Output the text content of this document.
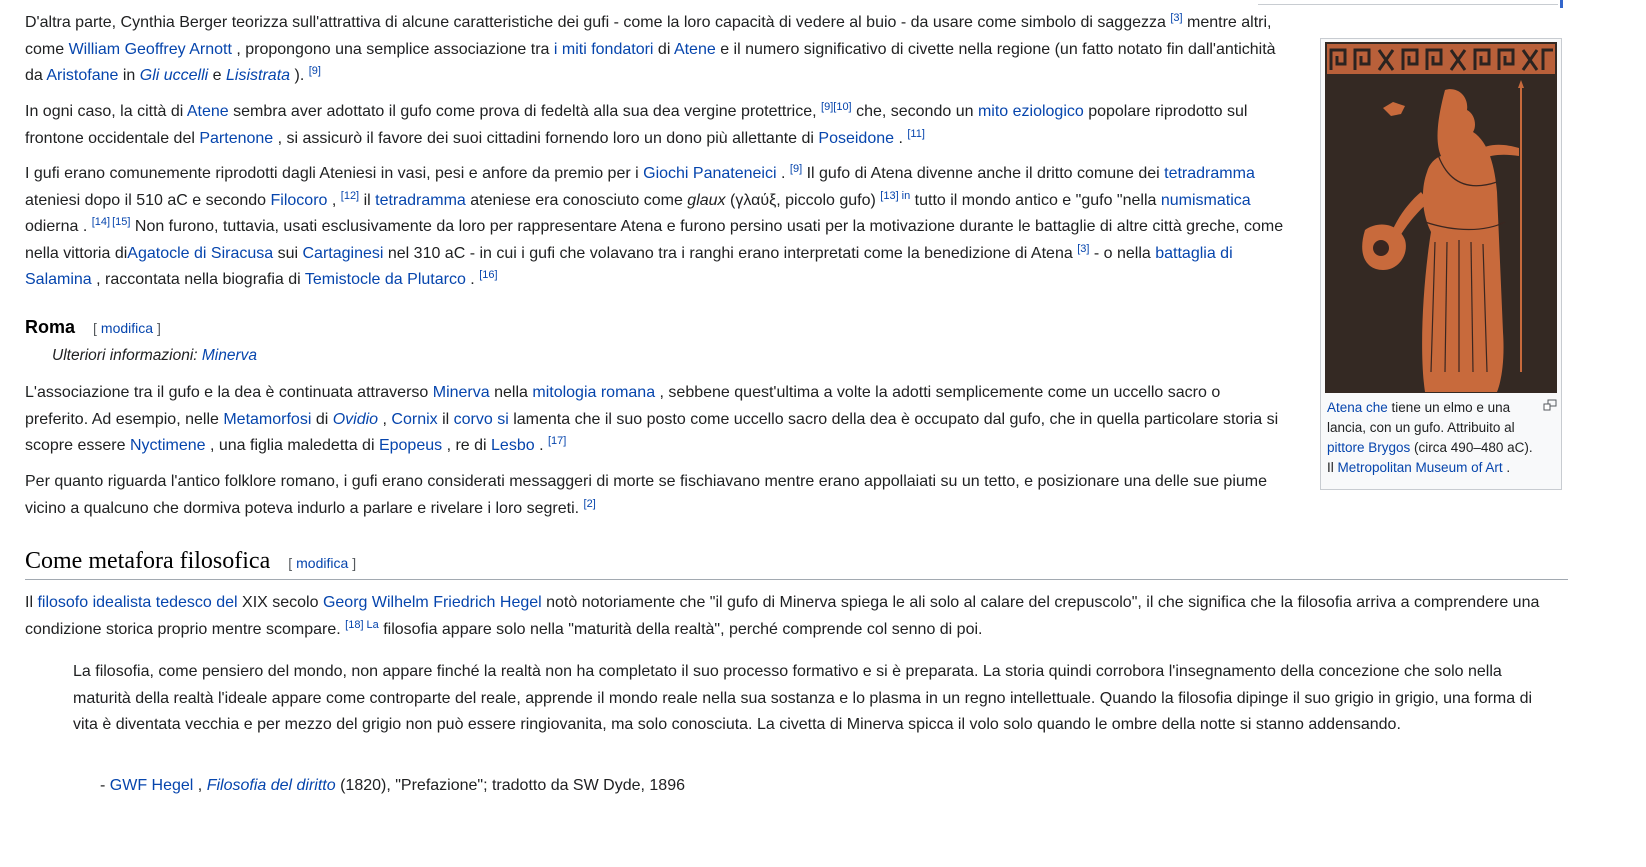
D'altra parte, Cynthia Berger teorizza sull'attrattiva di alcune caratteristiche dei gufi - come la loro capacità di vedere al buio - da usare come simbolo di saggezza [3] mentre altri, come William Geoffrey Arnott , propongono una semplice associazione tra i miti fondatori di Atene e il numero significativo di civette nella regione (un fatto notato fin dall'antichità da Aristofane in Gli uccelli e Lisistrata ). [9]

In ogni caso, la città di Atene sembra aver adottato il gufo come prova di fedeltà alla sua dea vergine protettrice, [9][10] che, secondo un mito eziologico popolare riprodotto sul frontone occidentale del Partenone , si assicurò il favore dei suoi cittadini fornendo loro un dono più allettante di Poseidone . [11]

I gufi erano comunemente riprodotti dagli Ateniesi in vasi, pesi e anfore da premio per i Giochi Panateneici . [9] Il gufo di Atena divenne anche il dritto comune dei tetradramma ateniesi dopo il 510 aC e secondo Filocoro , [12] il tetradramma ateniese era conosciuto come glaux (γλαύξ, piccolo gufo) [13] $^{in}$ tutto il mondo antico e "gufo "nella numismatica odierna . [14] [15] Non furono, tuttavia, usati esclusivamente da loro per rappresentare Atena e furono persino usati per la motivazione durante le battaglie di altre città greche, come nella vittoria diAgatocle di Siracusa sui Cartaginesi nel 310 aC - in cui i gufi che volavano tra i ranghi erano interpretati come la benedizione di Atena [3] - o nella battaglia di Salamina , raccontata nella biografia di Temistocle da Plutarco . [16]

Roma [ modifica ]
Ulteriori informazioni: Minerva

L'associazione tra il gufo e la dea è continuata attraverso Minerva nella mitologia romana , sebbene quest'ultima a volte la adotti semplicemente come un uccello sacro o preferito. Ad esempio, nelle Metamorfosi di Ovidio , Cornix il corvo si lamenta che il suo posto come uccello sacro della dea è occupato dal gufo, che in quella particolare storia si scopre essere Nyctimene , una figlia maledetta di Epopeus , re di Lesbo . [17]

Per quanto riguarda l'antico folklore romano, i gufi erano considerati messaggeri di morte se fischiavano mentre erano appollaiati su un tetto, e posizionare una delle sue piume vicino a qualcuno che dormiva poteva indurlo a parlare e rivelare i loro segreti. [2]

Come metafora filosofica [ modifica ]

Il filosofo idealista tedesco del XIX secolo Georg Wilhelm Friedrich Hegel notò notoriamente che "il gufo di Minerva spiega le ali solo al calare del crepuscolo", il che significa che la filosofia arriva a comprendere una condizione storica proprio mentre scompare. [18] $^{La}$ filosofia appare solo nella "maturità della realtà", perché comprende col senno di poi.

La filosofia, come pensiero del mondo, non appare finché la realtà non ha completato il suo processo formativo e si è preparata. La storia quindi corrobora l'insegnamento della concezione che solo nella maturità della realtà l'ideale appare come controparte del reale, apprende il mondo reale nella sua sostanza e lo plasma in un regno intellettuale. Quando la filosofia dipinge il suo grigio in grigio, una forma di vita è diventata vecchia e per mezzo del grigio non può essere ringiovanita, ma solo conosciuta. La civetta di Minerva spicca il volo solo quando le ombre della notte si stanno addensando.
- GWF Hegel , Filosofia del diritto (1820), "Prefazione"; tradotto da SW Dyde, 1896
Atena che tiene un elmo e una lancia, con un gufo. Attribuito al pittore Brygos (circa 490–480 aC). Il Metropolitan Museum of Art .
